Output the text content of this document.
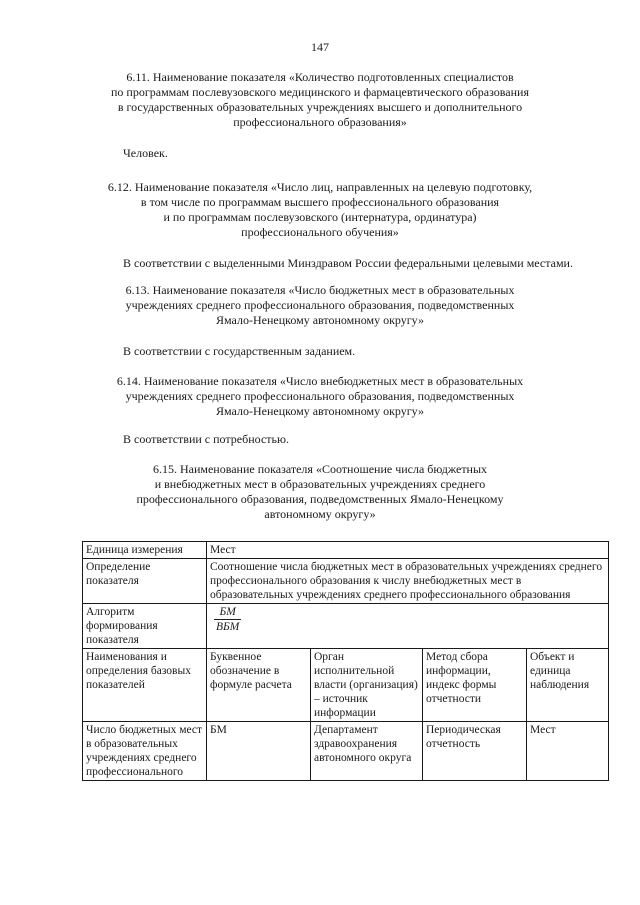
147
6.11. Наименование показателя «Количество подготовленных специалистов
по программам послевузовского медицинского и фармацевтического образования
в государственных образовательных учреждениях высшего и дополнительного
профессионального образования»
Человек.
6.12. Наименование показателя «Число лиц, направленных на целевую подготовку,
в том числе по программам высшего профессионального образования
и по программам послевузовского (интернатура, ординатура)
профессионального обучения»
В соответствии с выделенными Минздравом России федеральными целевыми местами.
6.13. Наименование показателя «Число бюджетных мест в образовательных
учреждениях среднего профессионального образования, подведомственных
Ямало-Ненецкому автономному округу»
В соответствии с государственным заданием.
6.14. Наименование показателя «Число внебюджетных мест в образовательных
учреждениях среднего профессионального образования, подведомственных
Ямало-Ненецкому автономному округу»
В соответствии с потребностью.
6.15. Наименование показателя «Соотношение числа бюджетных
и внебюджетных мест в образовательных учреждениях среднего
профессионального образования, подведомственных Ямало-Ненецкому
автономному округу»
Единица измерения	Мест			
Определение показателя	Соотношение числа бюджетных мест в образовательных учреждениях среднего профессионального образования к числу внебюджетных мест в образовательных учреждениях среднего профессионального образования			
Алгоритм формирования показателя	$\frac{БМ}{\text{ВБМ}}$

Наименования и определения базовых показателей	Буквенное обозначение в формуле расчета	Орган исполнительной власти (организация) – источник информации	Метод сбора информации, индекс формы отчетности	Объект и единица наблюдения
Число бюджетных мест в образовательных учреждениях среднего профессионального	БМ	Департамент здравоохранения автономного округа	Периодическая отчетность	Мест
